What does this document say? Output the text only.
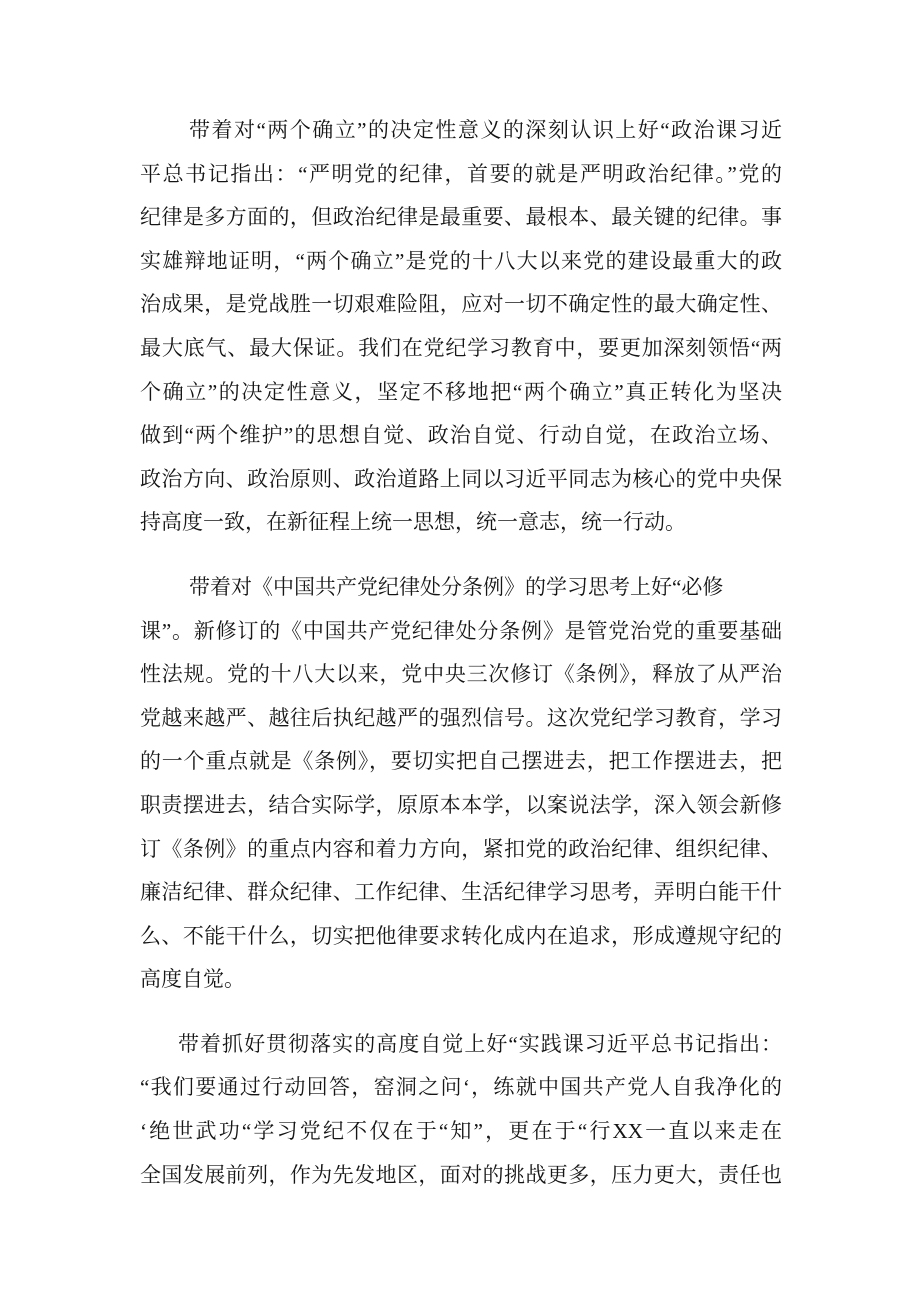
带着对“两个确立”的决定性意义的深刻认识上好“政治课习近
平总书记指出：“严明党的纪律，首要的就是严明政治纪律。”党的
纪律是多方面的，但政治纪律是最重要、最根本、最关键的纪律。事
实雄辩地证明，“两个确立”是党的十八大以来党的建设最重大的政
治成果，是党战胜一切艰难险阻，应对一切不确定性的最大确定性、
最大底气、最大保证。我们在党纪学习教育中，要更加深刻领悟“两
个确立”的决定性意义，坚定不移地把“两个确立”真正转化为坚决
做到“两个维护”的思想自觉、政治自觉、行动自觉，在政治立场、
政治方向、政治原则、政治道路上同以习近平同志为核心的党中央保
持高度一致，在新征程上统一思想，统一意志，统一行动。
带着对《中国共产党纪律处分条例》的学习思考上好“必修
课”。新修订的《中国共产党纪律处分条例》是管党治党的重要基础
性法规。党的十八大以来，党中央三次修订《条例》，释放了从严治
党越来越严、越往后执纪越严的强烈信号。这次党纪学习教育，学习
的一个重点就是《条例》，要切实把自己摆进去，把工作摆进去，把
职责摆进去，结合实际学，原原本本学，以案说法学，深入领会新修
订《条例》的重点内容和着力方向，紧扣党的政治纪律、组织纪律、
廉洁纪律、群众纪律、工作纪律、生活纪律学习思考，弄明白能干什
么、不能干什么，切实把他律要求转化成内在追求，形成遵规守纪的
高度自觉。
带着抓好贯彻落实的高度自觉上好“实践课习近平总书记指出：
“我们要通过行动回答，窑洞之问‘，练就中国共产党人自我净化的
‘绝世武功“学习党纪不仅在于“知”，更在于“行XX一直以来走在
全国发展前列，作为先发地区，面对的挑战更多，压力更大，责任也
